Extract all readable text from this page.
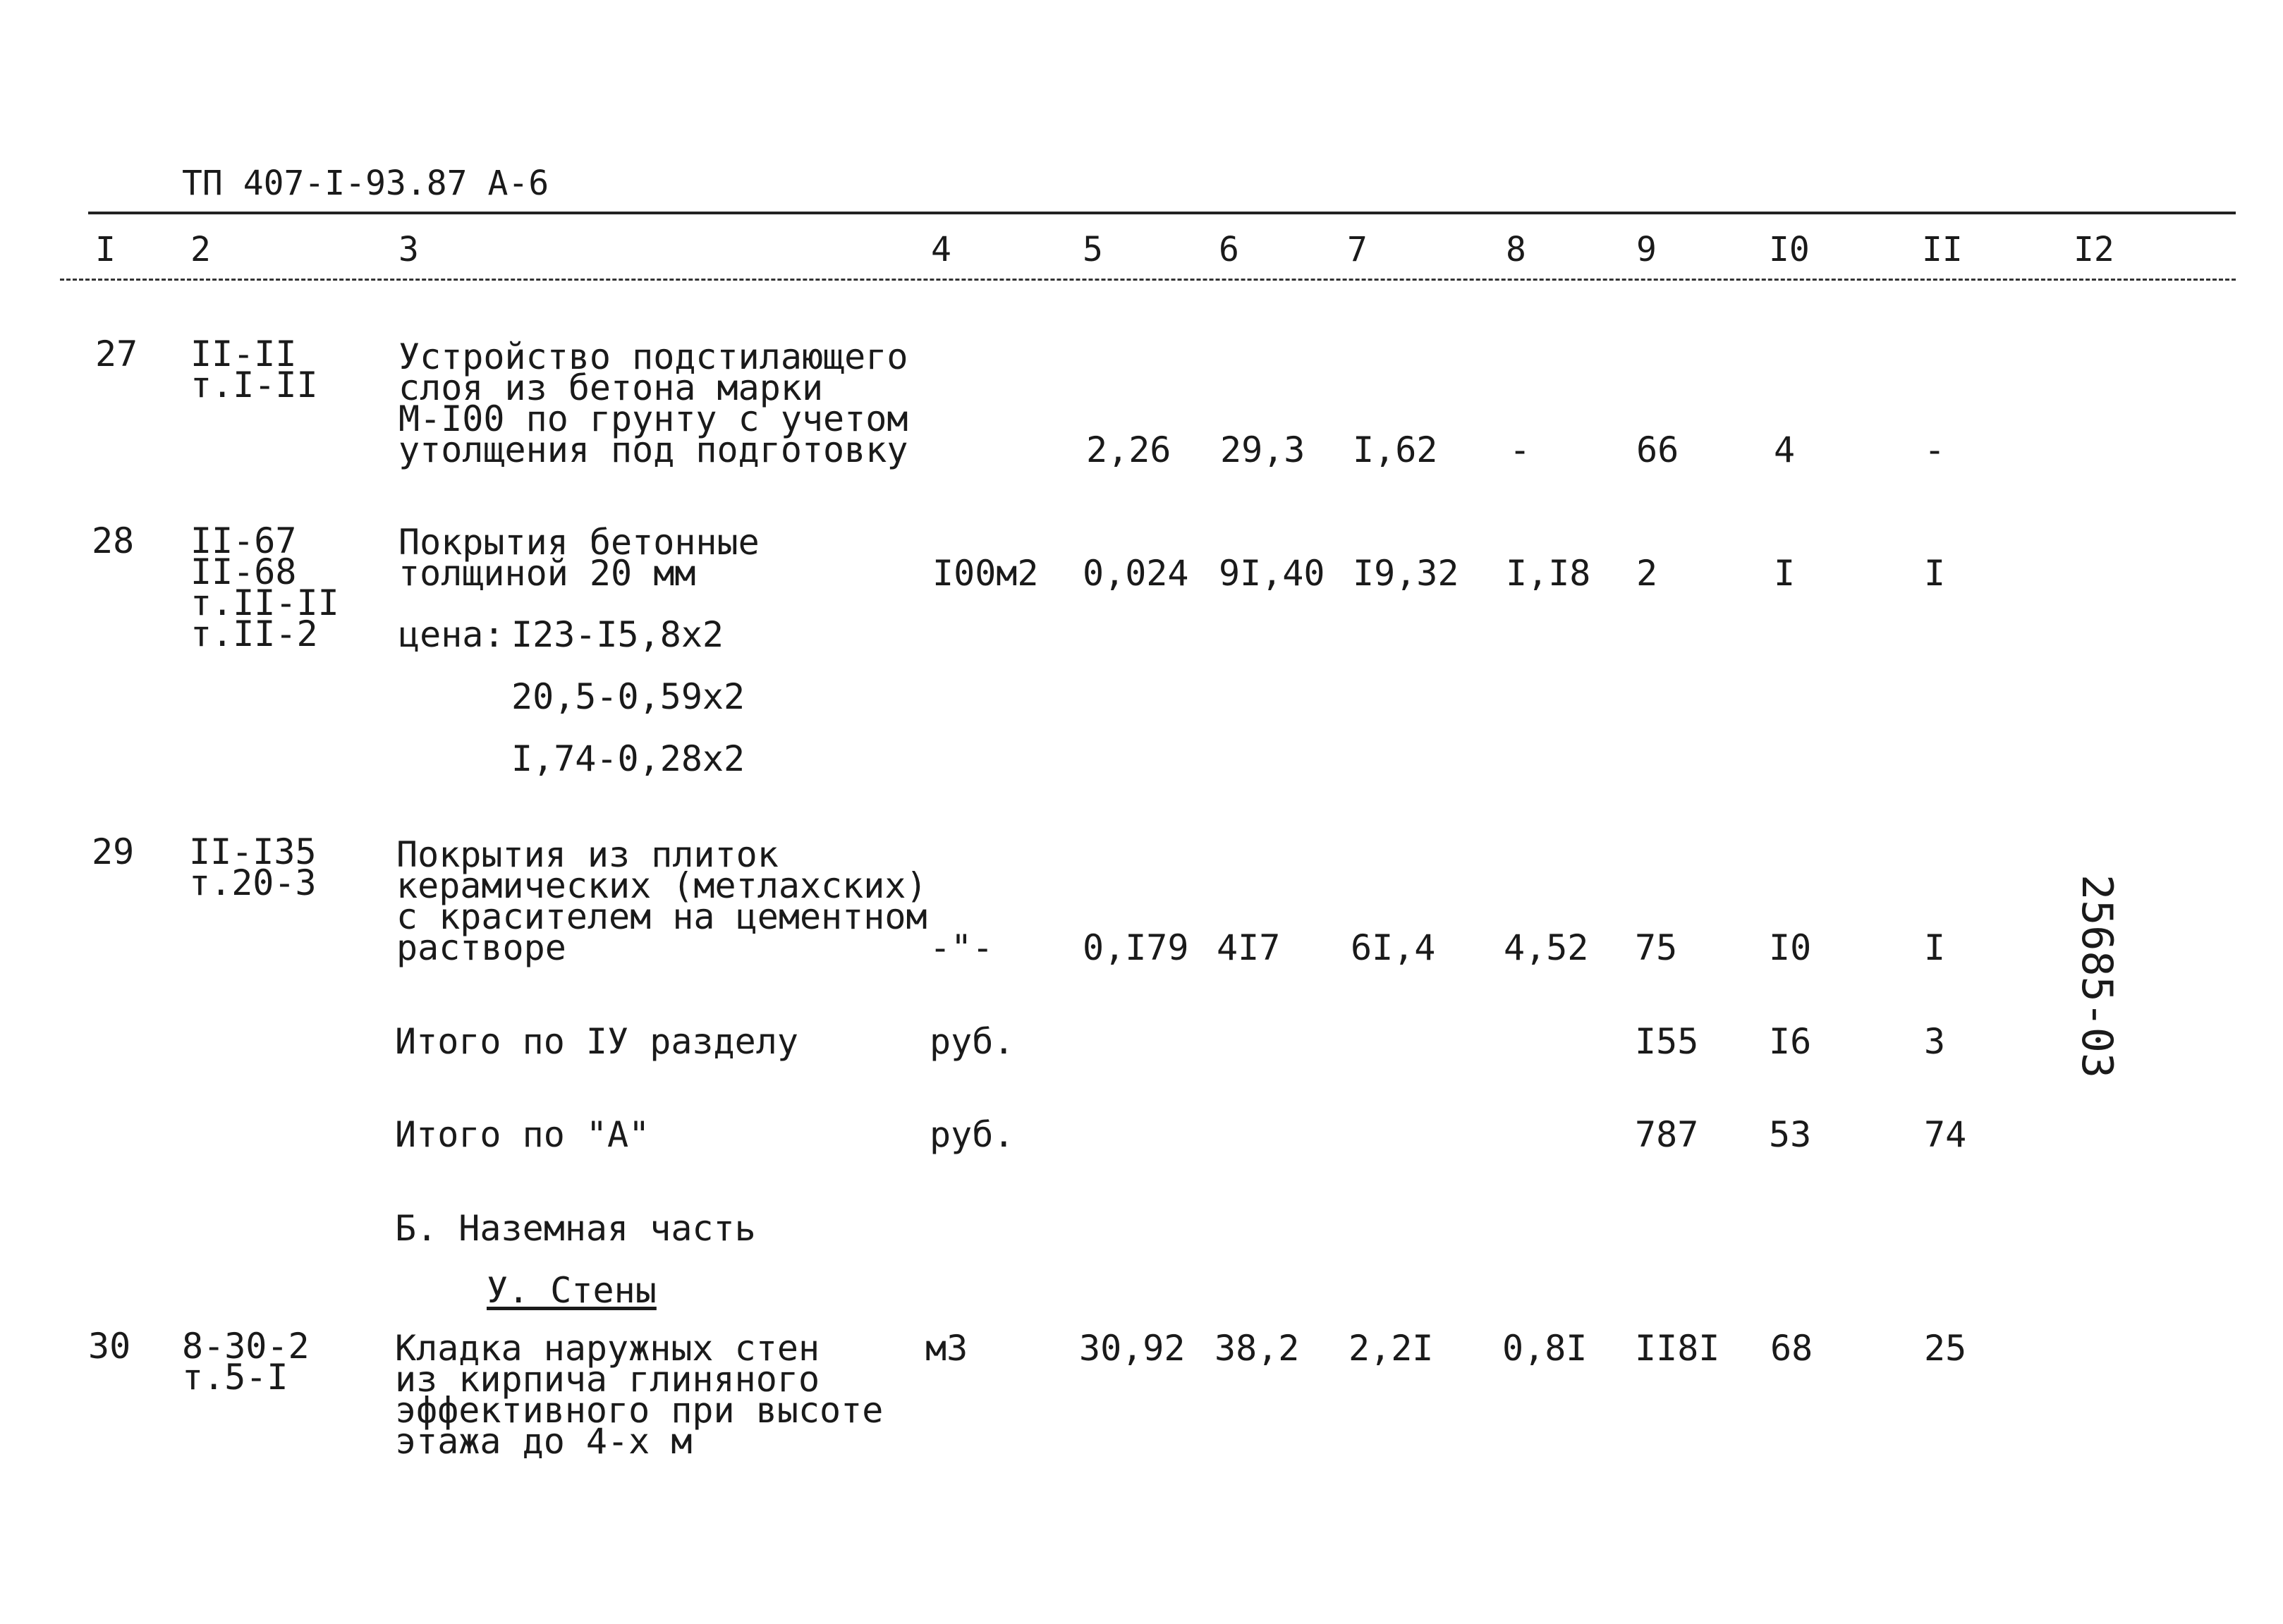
ТП 407-I-93.87 А-6
I 2	3	4	5	6	7	8	9	I0	II	I2
27 II-II
т.I-II
Устройство подстилающего
слоя из бетона марки
М-I00 по грунту с учетом
утолщения под подготовку	2,26 29,3 I,62 -	66	4	-
28 II-67
II-68
т.II-II
т.II-2
Покрытия бетонные
толщиной 20 мм	I00м2 0,024 9I,40 I9,32 I,I8 2	I	I
цена: I23-I5,8х2
20,5-0,59х2
I,74-0,28х2
29 II-I35
т.20-3
Покрытия из плиток
керамических (метлахских)
с красителем на цементном
растворе	-"-	0,I79 4I7 6I,4 4,52 75	I0	I
Итого по IУ разделу	руб.	I55 I6	3
Итого по "А"	руб.	787 53	74
Б. Наземная часть
У. Стены
30 8-30-2
т.5-I
Кладка наружных стен
из кирпича глиняного
эффективного при высоте
этажа до 4-х м
м3	30,92 38,2 2,2I 0,8I II8I 68	25
25685-03
